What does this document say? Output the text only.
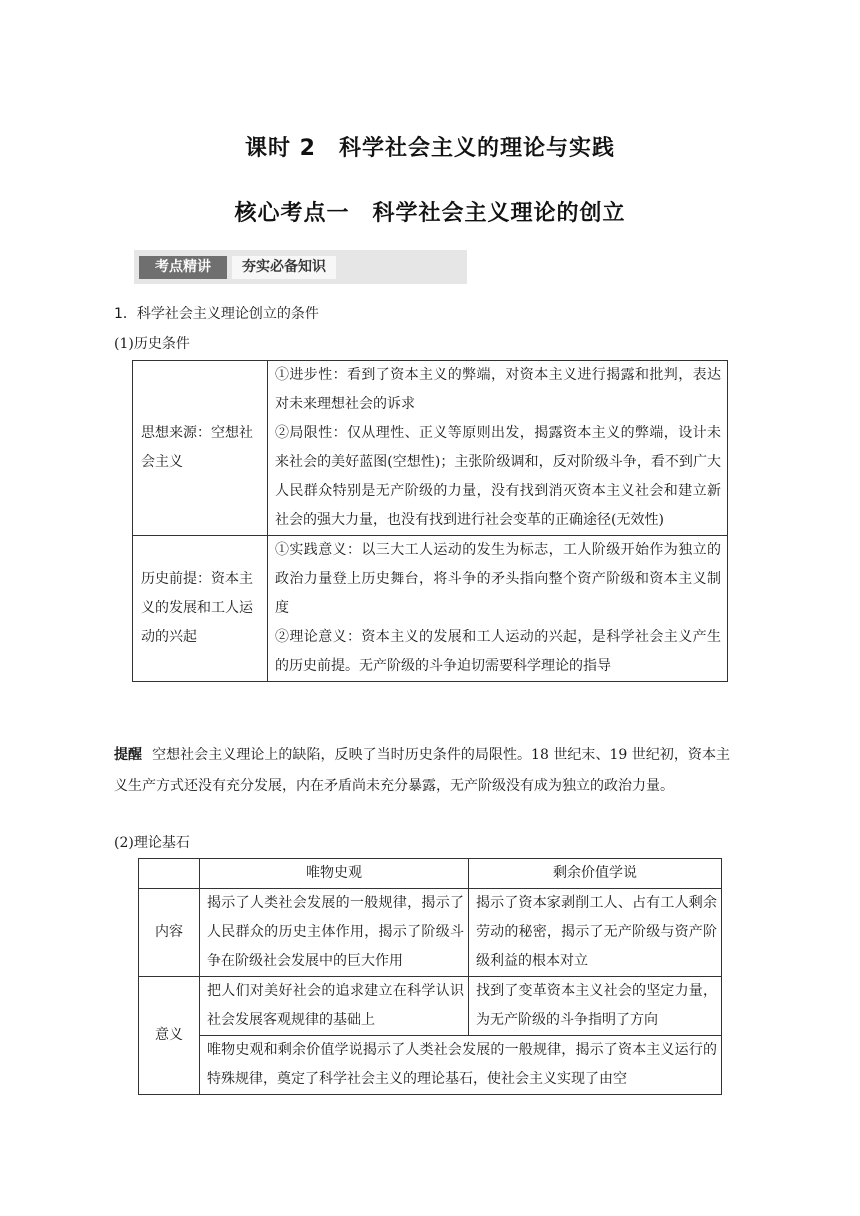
课时 2　科学社会主义的理论与实践
核心考点一　科学社会主义理论的创立
考点精讲	夯实必备知识
1．科学社会主义理论创立的条件
(1)历史条件
思想来源：空想社会主义	①进步性：看到了资本主义的弊端，对资本主义进行揭露和批判，表达对未来理想社会的诉求
②局限性：仅从理性、正义等原则出发，揭露资本主义的弊端，设计未来社会的美好蓝图(空想性)；主张阶级调和，反对阶级斗争，看不到广大人民群众特别是无产阶级的力量，没有找到消灭资本主义社会和建立新社会的强大力量，也没有找到进行社会变革的正确途径(无效性)
历史前提：资本主义的发展和工人运动的兴起	①实践意义：以三大工人运动的发生为标志，工人阶级开始作为独立的政治力量登上历史舞台，将斗争的矛头指向整个资产阶级和资本主义制度
②理论意义：资本主义的发展和工人运动的兴起，是科学社会主义产生的历史前提。无产阶级的斗争迫切需要科学理论的指导
提醒 空想社会主义理论上的缺陷，反映了当时历史条件的局限性。18 世纪末、19 世纪初，资本主义生产方式还没有充分发展，内在矛盾尚未充分暴露，无产阶级没有成为独立的政治力量。
(2)理论基石
	唯物史观	剩余价值学说
内容	揭示了人类社会发展的一般规律，揭示了人民群众的历史主体作用，揭示了阶级斗争在阶级社会发展中的巨大作用	揭示了资本家剥削工人、占有工人剩余劳动的秘密，揭示了无产阶级与资产阶级利益的根本对立
意义	把人们对美好社会的追求建立在科学认识社会发展客观规律的基础上	找到了变革资本主义社会的坚定力量，为无产阶级的斗争指明了方向
	唯物史观和剩余价值学说揭示了人类社会发展的一般规律，揭示了资本主义运行的特殊规律，奠定了科学社会主义的理论基石，使社会主义实现了由空	
